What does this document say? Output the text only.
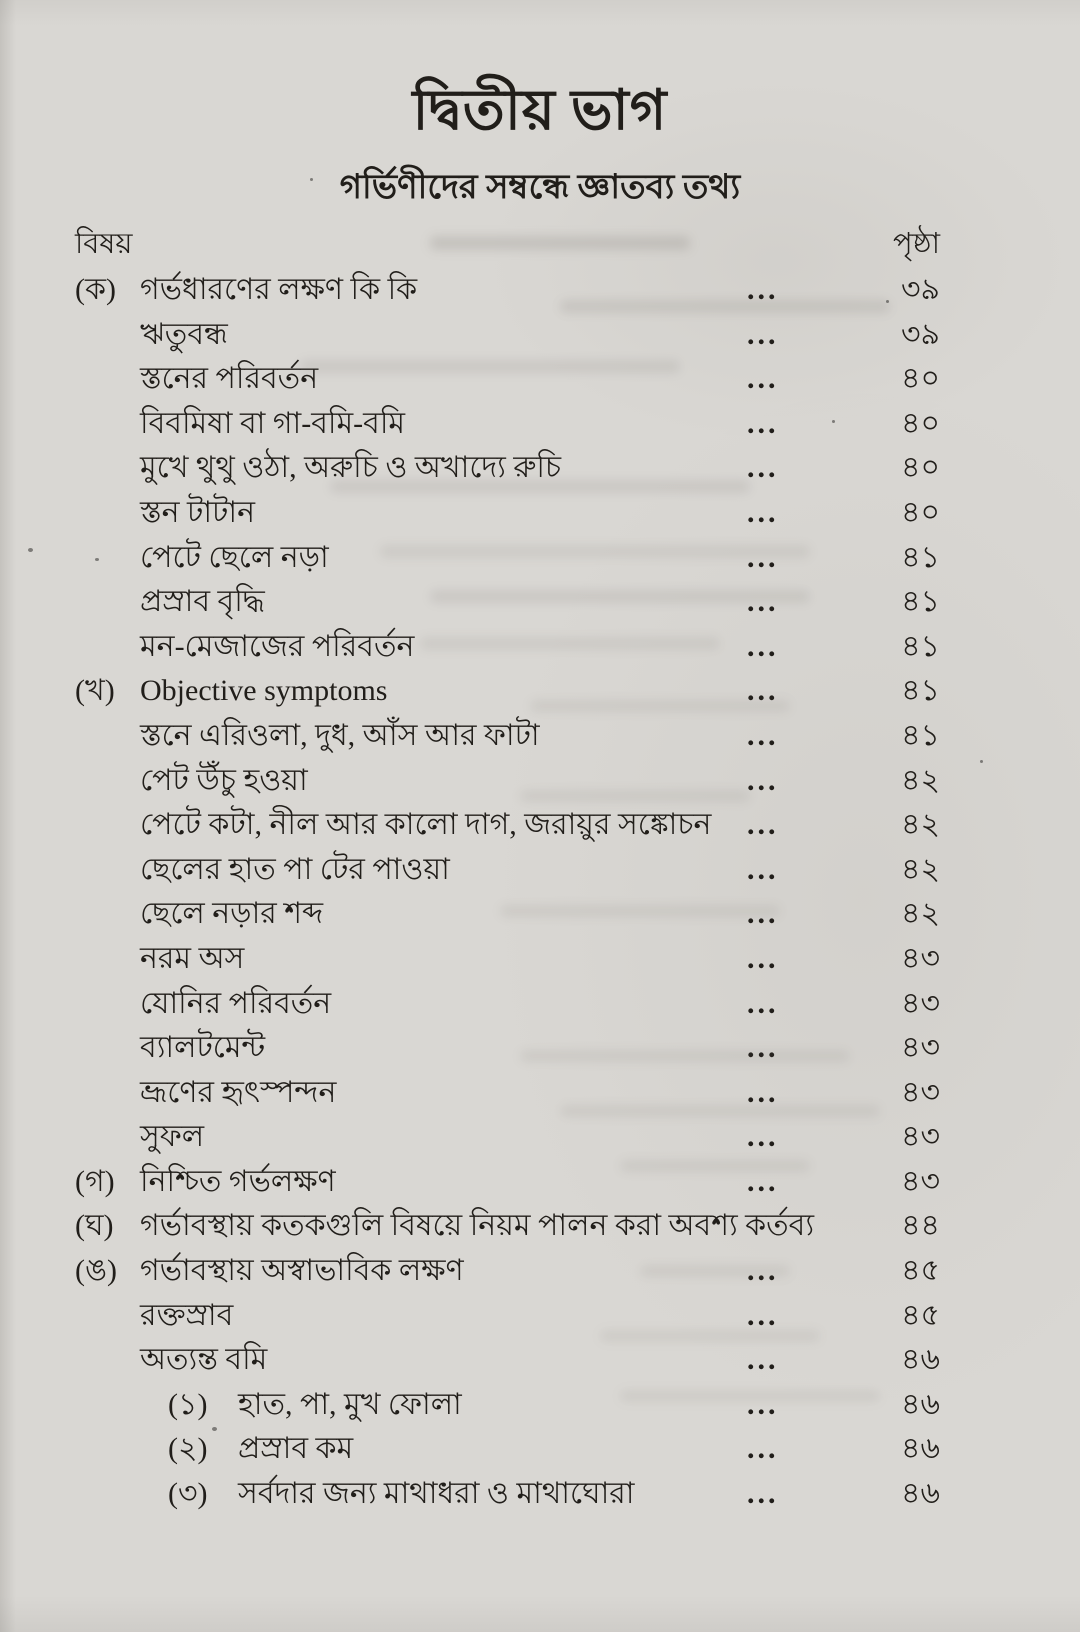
দ্বিতীয় ভাগ
গর্ভিণীদের সম্বন্ধে জ্ঞাতব্য তথ্য
বিষয়	পৃষ্ঠা
(ক) গর্ভধারণের লক্ষণ কি কি	...	৩৯
ঋতুবন্ধ	...	৩৯
স্তনের পরিবর্তন	...	৪০
বিবমিষা বা গা-বমি-বমি	...	৪০
মুখে থুথু ওঠা, অরুচি ও অখাদ্যে রুচি	...	৪০
স্তন টাটান	...	৪০
পেটে ছেলে নড়া	...	৪১
প্রস্রাব বৃদ্ধি	...	৪১
মন-মেজাজের পরিবর্তন	...	৪১
(খ) Objective symptoms	...	৪১
স্তনে এরিওলা, দুধ, আঁস আর ফাটা	...	৪১
পেট উঁচু হওয়া	...	৪২
পেটে কটা, নীল আর কালো দাগ, জরায়ুর সঙ্কোচন ...	৪২
ছেলের হাত পা টের পাওয়া	...	৪২
ছেলে নড়ার শব্দ	...	৪২
নরম অস	...	৪৩
যোনির পরিবর্তন	...	৪৩
ব্যালটমেন্ট	...	৪৩
ভ্রূণের হৃৎস্পন্দন	...	৪৩
সুফল	...	৪৩
(গ) নিশ্চিত গর্ভলক্ষণ	...	৪৩
(ঘ) গর্ভাবস্থায় কতকগুলি বিষয়ে নিয়ম পালন করা অবশ্য কর্তব্য	৪৪
(ঙ) গর্ভাবস্থায় অস্বাভাবিক লক্ষণ	...	৪৫
রক্তস্রাব	...	৪৫
অত্যন্ত বমি	...	৪৬
(১) হাত, পা, মুখ ফোলা	...	৪৬
(২) প্রস্রাব কম	...	৪৬
(৩) সর্বদার জন্য মাথাধরা ও মাথাঘোরা	...	৪৬
